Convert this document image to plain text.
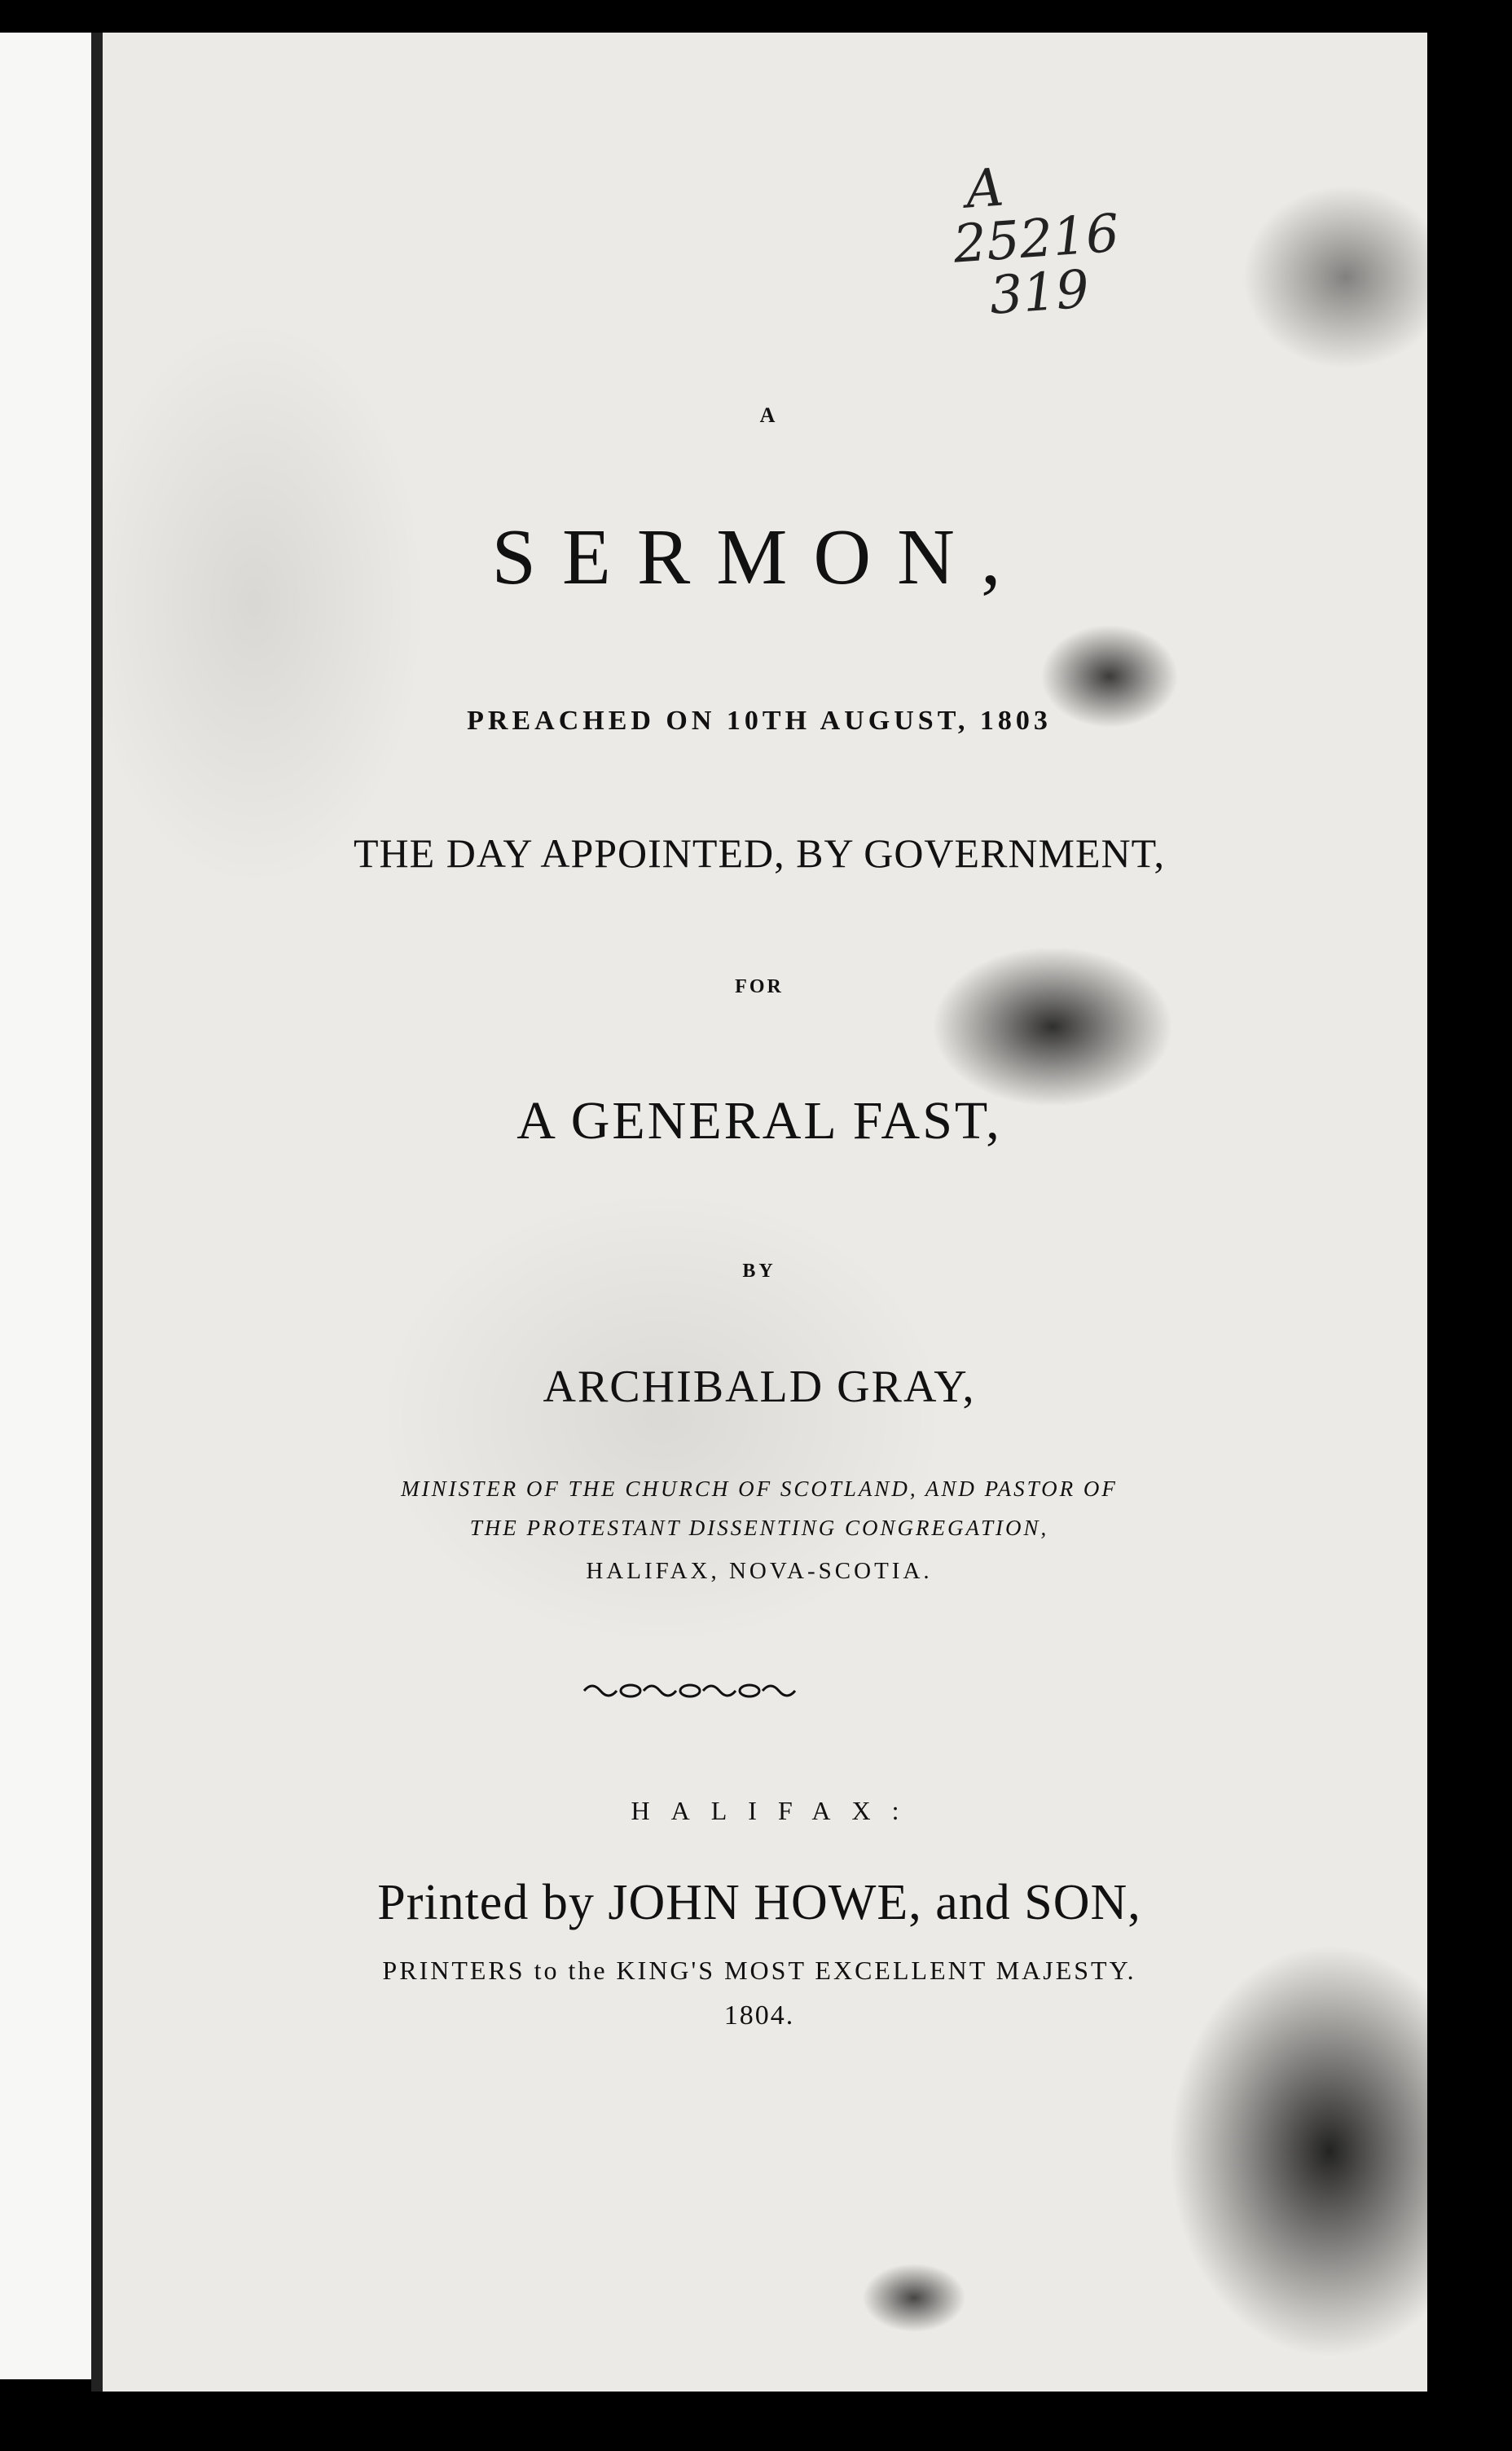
A
25216
319
A
SERMON,
PREACHED ON 10TH AUGUST, 1803
THE DAY APPOINTED, BY GOVERNMENT,
FOR
A GENERAL FAST,
BY
ARCHIBALD GRAY,
MINISTER OF THE CHURCH OF SCOTLAND, AND PASTOR OF
THE PROTESTANT DISSENTING CONGREGATION,
HALIFAX, NOVA-SCOTIA.
HALIFAX:
Printed by JOHN HOWE, and SON,
PRINTERS to the KING'S MOST EXCELLENT MAJESTY.
1804.
